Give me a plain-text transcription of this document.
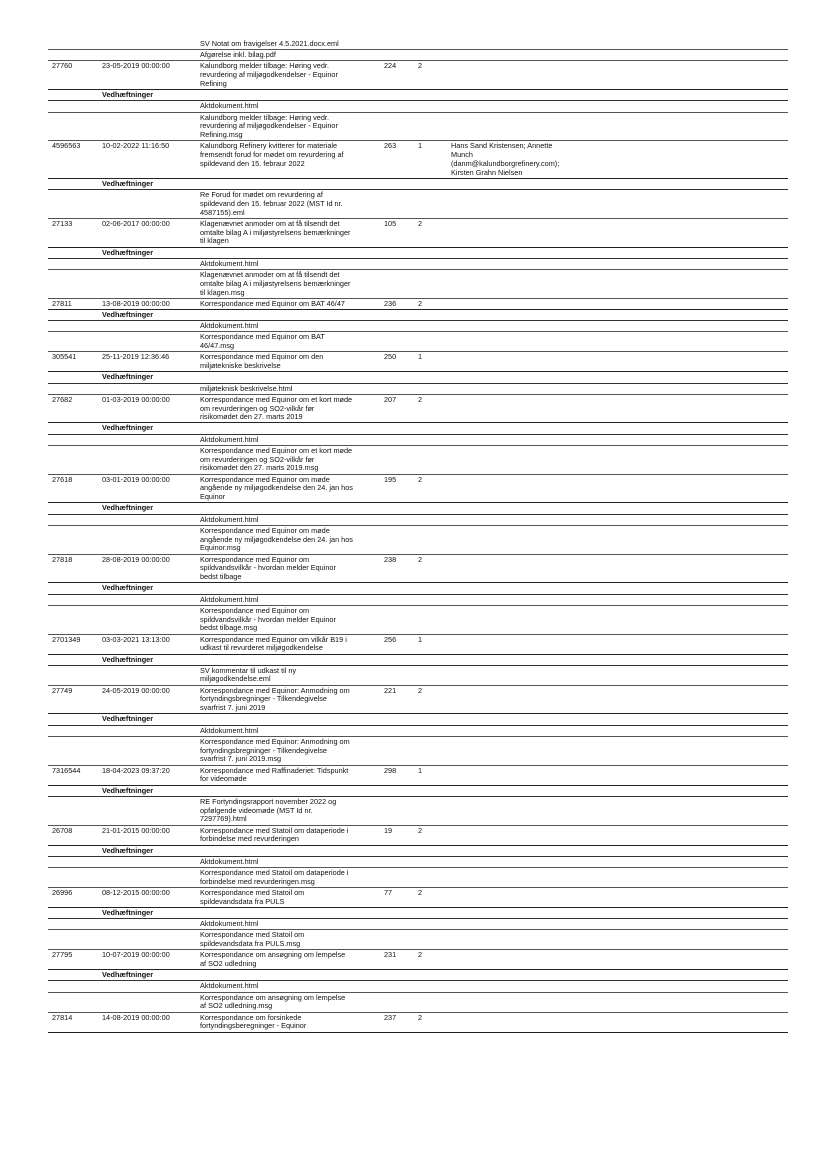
SV Notat om fravigelser 4.5.2021.docx.eml
Afgørelse inkl. bilag.pdf
27760	23-05-2019 00:00:00	Kalundborg melder tilbage: Høring vedr.
revurdering af miljøgodkendelser - Equinor
Refining
224	2
Vedhæftninger
Aktdokument.html
Kalundborg melder tilbage: Høring vedr.
revurdering af miljøgodkendelser - Equinor
Refining.msg
4596563	10-02-2022 11:16:50	Kalundborg Refinery kvitterer for materiale
fremsendt forud for mødet om revurdering af
spildevand den 15. febraur 2022
263	1	Hans Sand Kristensen; Annette
Munch
(danm@kalundborgrefinery.com);
Kirsten Grahn Nielsen
Vedhæftninger
Re Forud for mødet om revurdering af
spildevand den 15. februar 2022 (MST Id nr.
4587155).eml
27133	02-06-2017 00:00:00	Klagenævnet anmoder om at få tilsendt det
omtalte bilag A i miljøstyrelsens bemærkninger
til klagen
105	2
Vedhæftninger
Aktdokument.html
Klagenævnet anmoder om at få tilsendt det
omtalte bilag A i miljøstyrelsens bemærkninger
til klagen.msg
27811	13-08-2019 00:00:00	Korrespondance med Equinor om BAT 46/47	236	2
Vedhæftninger
Aktdokument.html
Korrespondance med Equinor om BAT
46/47.msg
305541	25-11-2019 12:36:46	Korrespondance med Equinor om den
miljøtekniske beskrivelse
250	1
Vedhæftninger
miljøteknisk beskrivelse.html
27682	01-03-2019 00:00:00	Korrespondance med Equinor om et kort møde
om revurderingen og SO2-vilkår før
risikomødet den 27. marts 2019
207	2
Vedhæftninger
Aktdokument.html
Korrespondance med Equinor om et kort møde
om revurderingen og SO2-vilkår før
risikomødet den 27. marts 2019.msg
27618	03-01-2019 00:00:00	Korrespondance med Equinor om møde
angående ny miljøgodkendelse den 24. jan hos
Equinor
195	2
Vedhæftninger
Aktdokument.html
Korrespondance med Equinor om møde
angående ny miljøgodkendelse den 24. jan hos
Equinor.msg
27818	28-08-2019 00:00:00	Korrespondance med Equinor om
spildvandsvilkår - hvordan melder Equinor
bedst tilbage
238	2
Vedhæftninger
Aktdokument.html
Korrespondance med Equinor om
spildvandsvilkår - hvordan melder Equinor
bedst tilbage.msg
2701349	03-03-2021 13:13:00	Korrespondance med Equinor om vilkår B19 i
udkast til revurderet miljøgodkendelse
256	1
Vedhæftninger
SV kommentar til udkast til ny
miljøgodkendelse.eml
27749	24-05-2019 00:00:00	Korrespondance med Equinor: Anmodning om
fortyndingsbregninger - Tilkendegivelse
svarfrist 7. juni 2019
221	2
Vedhæftninger
Aktdokument.html
Korrespondance med Equinor: Anmodning om
fortyndingsbregninger - Tilkendegivelse
svarfrist 7. juni 2019.msg
7316544	18-04-2023 09:37:20	Korrespondance med Raffinaderiet: Tidspunkt
for videomøde
298	1
Vedhæftninger
RE Fortyndingsrapport november 2022 og
opfølgende videomøde (MST Id nr.
7297769).html
26708	21-01-2015 00:00:00	Korrespondance med Statoil om dataperiode i
forbindelse med revurderingen
19	2
Vedhæftninger
Aktdokument.html
Korrespondance med Statoil om dataperiode i
forbindelse med revurderingen.msg
26996	08-12-2015 00:00:00	Korrespondance med Statoil om
spildevandsdata fra PULS
77	2
Vedhæftninger
Aktdokument.html
Korrespondance med Statoil om
spildevandsdata fra PULS.msg
27795	10-07-2019 00:00:00	Korrespondance om ansøgning om lempelse
af SO2 udledning
231	2
Vedhæftninger
Aktdokument.html
Korrespondance om ansøgning om lempelse
af SO2 udledning.msg
27814	14-08-2019 00:00:00	Korrespondance om forsinkede
fortyndingsberegninger - Equinor
237	2
